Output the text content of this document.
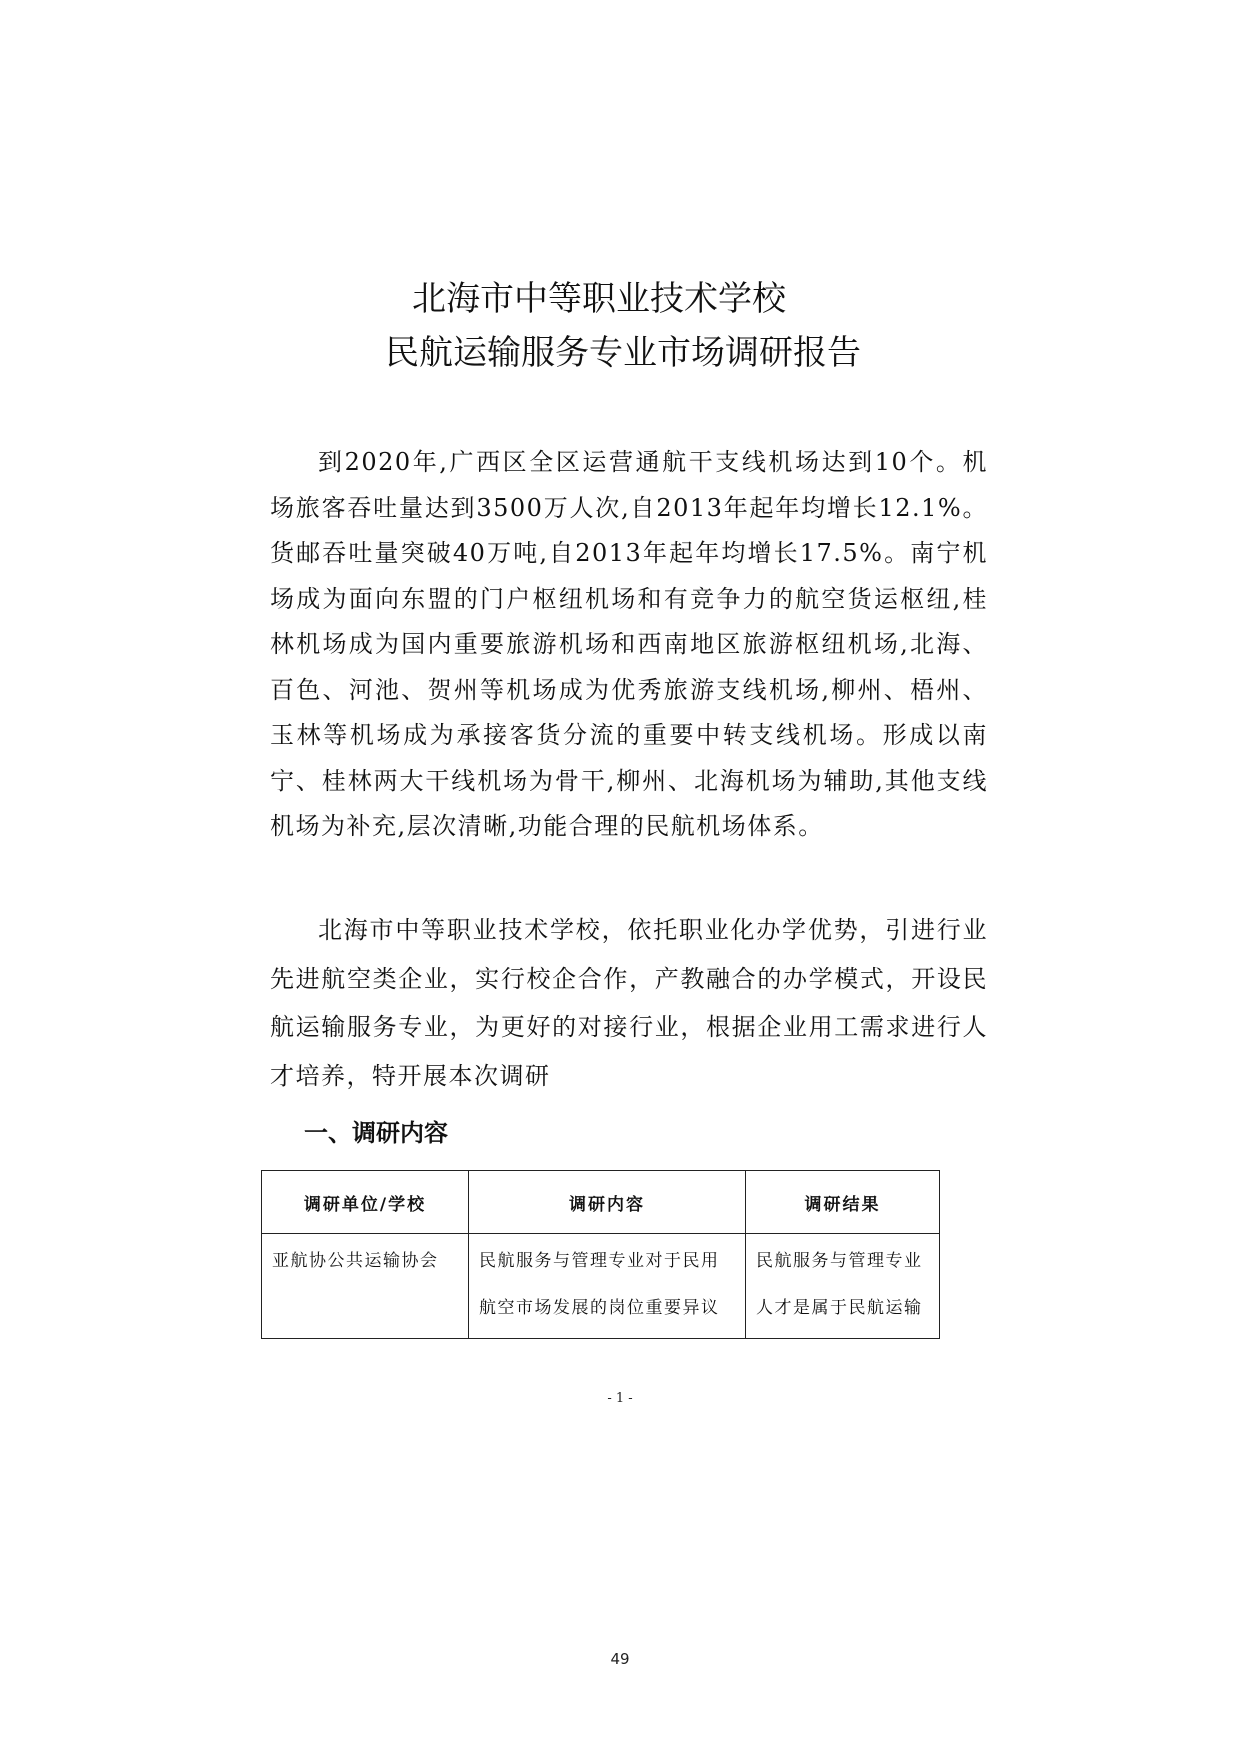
北海市中等职业技术学校
民航运输服务专业市场调研报告

到2020年,广西区全区运营通航干支线机场达到10个。机场旅客吞吐量达到3500万人次,自2013年起年均增长12.1%。货邮吞吐量突破40万吨,自2013年起年均增长17.5%。南宁机场成为面向东盟的门户枢纽机场和有竞争力的航空货运枢纽,桂林机场成为国内重要旅游机场和西南地区旅游枢纽机场,北海、百色、河池、贺州等机场成为优秀旅游支线机场,柳州、梧州、玉林等机场成为承接客货分流的重要中转支线机场。形成以南宁、桂林两大干线机场为骨干,柳州、北海机场为辅助,其他支线机场为补充,层次清晰,功能合理的民航机场体系。

北海市中等职业技术学校，依托职业化办学优势，引进行业先进航空类企业，实行校企合作，产教融合的办学模式，开设民航运输服务专业，为更好的对接行业，根据企业用工需求进行人才培养，特开展本次调研

一、调研内容
调研单位/学校	调研内容	调研结果
亚航协公共运输协会	民航服务与管理专业对于民用航空市场发展的岗位重要异议	民航服务与管理专业人才是属于民航运输
- 1 -
49
